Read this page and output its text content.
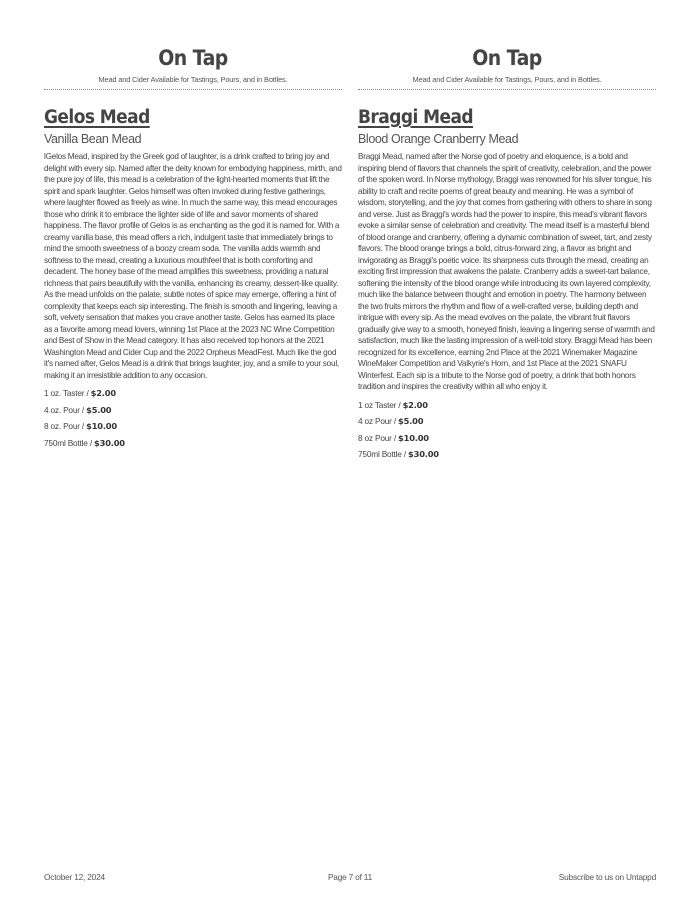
On Tap
Mead and Cider Available for Tastings, Pours, and in Bottles.
Gelos Mead
Vanilla Bean Mead
lGelos Mead, inspired by the Greek god of laughter, is a drink crafted to bring joy and delight with every sip. Named after the deity known for embodying happiness, mirth, and the pure joy of life, this mead is a celebration of the light-hearted moments that lift the spirit and spark laughter. Gelos himself was often invoked during festive gatherings, where laughter flowed as freely as wine. In much the same way, this mead encourages those who drink it to embrace the lighter side of life and savor moments of shared happiness. The flavor profile of Gelos is as enchanting as the god it is named for. With a creamy vanilla base, this mead offers a rich, indulgent taste that immediately brings to mind the smooth sweetness of a boozy cream soda. The vanilla adds warmth and softness to the mead, creating a luxurious mouthfeel that is both comforting and decadent. The honey base of the mead amplifies this sweetness, providing a natural richness that pairs beautifully with the vanilla, enhancing its creamy, dessert-like quality. As the mead unfolds on the palate, subtle notes of spice may emerge, offering a hint of complexity that keeps each sip interesting. The finish is smooth and lingering, leaving a soft, velvety sensation that makes you crave another taste. Gelos has earned its place as a favorite among mead lovers, winning 1st Place at the 2023 NC Wine Competition and Best of Show in the Mead category. It has also received top honors at the 2021 Washington Mead and Cider Cup and the 2022 Orpheus MeadFest. Much like the god it's named after, Gelos Mead is a drink that brings laughter, joy, and a smile to your soul, making it an irresistible addition to any occasion.
1 oz. Taster / $2.00
4 oz. Pour / $5.00
8 oz. Pour / $10.00
750ml Bottle / $30.00
On Tap
Mead and Cider Available for Tastings, Pours, and in Bottles.
Braggi Mead
Blood Orange Cranberry Mead
Braggi Mead, named after the Norse god of poetry and eloquence, is a bold and inspiring blend of flavors that channels the spirit of creativity, celebration, and the power of the spoken word. In Norse mythology, Braggi was renowned for his silver tongue, his ability to craft and recite poems of great beauty and meaning. He was a symbol of wisdom, storytelling, and the joy that comes from gathering with others to share in song and verse. Just as Braggi's words had the power to inspire, this mead's vibrant flavors evoke a similar sense of celebration and creativity. The mead itself is a masterful blend of blood orange and cranberry, offering a dynamic combination of sweet, tart, and zesty flavors. The blood orange brings a bold, citrus-forward zing, a flavor as bright and invigorating as Braggi's poetic voice. Its sharpness cuts through the mead, creating an exciting first impression that awakens the palate. Cranberry adds a sweet-tart balance, softening the intensity of the blood orange while introducing its own layered complexity, much like the balance between thought and emotion in poetry. The harmony between the two fruits mirrors the rhythm and flow of a well-crafted verse, building depth and intrigue with every sip. As the mead evolves on the palate, the vibrant fruit flavors gradually give way to a smooth, honeyed finish, leaving a lingering sense of warmth and satisfaction, much like the lasting impression of a well-told story. Braggi Mead has been recognized for its excellence, earning 2nd Place at the 2021 Winemaker Magazine WineMaker Competition and Valkyrie's Horn, and 1st Place at the 2021 SNAFU Winterfest. Each sip is a tribute to the Norse god of poetry, a drink that both honors tradition and inspires the creativity within all who enjoy it.
1 oz Taster / $2.00
4 oz Pour / $5.00
8 oz Pour / $10.00
750ml Bottle / $30.00
October 12, 2024	Page 7 of 11	Subscribe to us on Untappd
